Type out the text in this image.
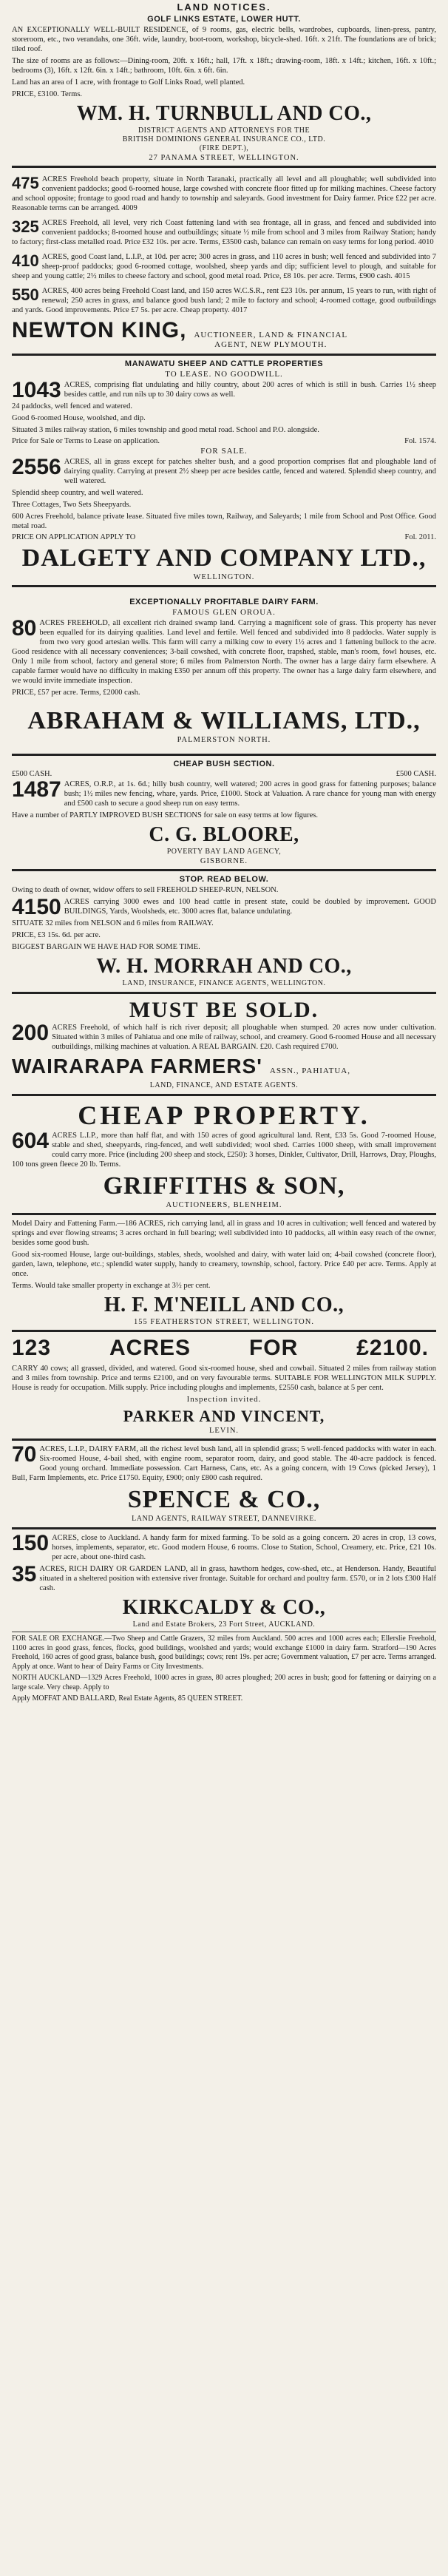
LAND NOTICES.
GOLF LINKS ESTATE, LOWER HUTT.

AN EXCEPTIONALLY WELL-BUILT RESIDENCE, of 9 rooms, gas, electric bells, wardrobes, cupboards, linen-press, pantry, storeroom, etc., two verandahs, one 36ft. wide, laundry, boot-room, workshop, bicycle-shed. 16ft. x 21ft. The foundations are of brick; tiled roof.

The size of rooms are as follows:—Dining-room, 20ft. x 16ft.; hall, 17ft. x 18ft.; drawing-room, 18ft. x 14ft.; kitchen, 16ft. x 10ft.; bedrooms (3), 16ft. x 12ft. 6in. x 14ft.; bathroom, 10ft. 6in. x 6ft. 6in.

Land has an area of 1 acre, with frontage to Golf Links Road, well planted.

PRICE, £3100. Terms.

WM. H. TURNBULL AND CO.,

DISTRICT AGENTS AND ATTORNEYS FOR THE

BRITISH DOMINIONS GENERAL INSURANCE CO., LTD.

(FIRE DEPT.),

27 PANAMA STREET, WELLINGTON.

475 ACRES Freehold beach property, situate in North Taranaki, practically all level and all ploughable; well subdivided into convenient paddocks; good 6-roomed house, large cowshed with concrete floor fitted up for milking machines. Cheese factory and school opposite; frontage to good road and handy to township and saleyards. Good investment for Dairy farmer. Price £22 per acre. Reasonable terms can be arranged. 4009

325 ACRES Freehold, all level, very rich Coast fattening land with sea frontage, all in grass, and fenced and subdivided into convenient paddocks; 8-roomed house and outbuildings; situate ½ mile from school and 3 miles from Railway Station; handy to factory; first-class metalled road. Price £32 10s. per acre. Terms, £3500 cash, balance can remain on easy terms for long period. 4010

410 ACRES, good Coast land, L.I.P., at 10d. per acre; 300 acres in grass, and 110 acres in bush; well fenced and subdivided into 7 sheep-proof paddocks; good 6-roomed cottage, woolshed, sheep yards and dip; sufficient level to plough, and suitable for sheep and young cattle; 2½ miles to cheese factory and school, good metal road. Price, £8 10s. per acre. Terms, £900 cash. 4015

550 ACRES, 400 acres being Freehold Coast land, and 150 acres W.C.S.R., rent £23 10s. per annum, 15 years to run, with right of renewal; 250 acres in grass, and balance good bush land; 2 mile to factory and school; 4-roomed cottage, good outbuildings and yards. Good improvements. Price £7 5s. per acre. Cheap property. 4017

NEWTON KING, AUCTIONEER, LAND & FINANCIAL
AGENT, NEW PLYMOUTH.
MANAWATU SHEEP AND CATTLE PROPERTIES
TO LEASE. NO GOODWILL.

1043 ACRES, comprising flat undulating and hilly country, about 200 acres of which is still in bush. Carries 1½ sheep besides cattle, and run nils up to 30 dairy cows as well.

24 paddocks, well fenced and watered.

Good 6-roomed House, woolshed, and dip.

Situated 3 miles railway station, 6 miles township and good metal road. School and P.O. alongside.

Price for Sale or Terms to Lease on application.	Fol. 1574.
FOR SALE.

2556 ACRES, all in grass except for patches shelter bush, and a good proportion comprises flat and ploughable land of dairying quality. Carrying at present 2½ sheep per acre besides cattle, fenced and watered. Splendid sheep country, and well watered.

Splendid sheep country, and well watered.

Three Cottages, Two Sets Sheepyards.

600 Acres Freehold, balance private lease. Situated five miles town, Railway, and Saleyards; 1 mile from School and Post Office. Good metal road.

PRICE ON APPLICATION APPLY TO	Fol. 2011.
DALGETY AND COMPANY LTD.,
WELLINGTON.
EXCEPTIONALLY PROFITABLE DAIRY FARM.
FAMOUS GLEN OROUA.

80 ACRES FREEHOLD, all excellent rich drained swamp land. Carrying a magnificent sole of grass. This property has never been equalled for its dairying qualities. Land level and fertile. Well fenced and subdivided into 8 paddocks. Water supply is from two very good artesian wells. This farm will carry a milking cow to every 1½ acres and 1 fattening bullock to the acre. Good residence with all necessary conveniences; 3-bail cowshed, with concrete floor, trapshed, stable, man's room, fowl houses, etc. Only 1 mile from school, factory and general store; 6 miles from Palmerston North. The owner has a large dairy farm elsewhere. A capable farmer would have no difficulty in making £350 per annum off this property. The owner has a large dairy farm elsewhere, and we would invite immediate inspection.

PRICE, £57 per acre. Terms, £2000 cash.

ABRAHAM & WILLIAMS, LTD.,
PALMERSTON NORTH.
CHEAP BUSH SECTION.
£500 CASH.	£500 CASH.

1487 ACRES, O.R.P., at 1s. 6d.; hilly bush country, well watered; 200 acres in good grass for fattening purposes; balance bush; 1½ miles new fencing, whare, yards. Price, £1000. Stock at Valuation. A rare chance for young man with energy and £500 cash to secure a good sheep run on easy terms.

Have a number of PARTLY IMPROVED BUSH SECTIONS for sale on easy terms at low figures.

C. G. BLOORE,

POVERTY BAY LAND AGENCY,

GISBORNE.
STOP. READ BELOW.

Owing to death of owner, widow offers to sell FREEHOLD SHEEP-RUN, NELSON.

4150 ACRES carrying 3000 ewes and 100 head cattle in present state, could be doubled by improvement. GOOD BUILDINGS, Yards, Woolsheds, etc. 3000 acres flat, balance undulating.

SITUATE 32 miles from NELSON and 6 miles from RAILWAY.

PRICE, £3 15s. 6d. per acre.

BIGGEST BARGAIN WE HAVE HAD FOR SOME TIME.

W. H. MORRAH AND CO.,

LAND, INSURANCE, FINANCE AGENTS, WELLINGTON.

MUST BE SOLD.

200 ACRES Freehold, of which half is rich river deposit; all ploughable when stumped. 20 acres now under cultivation. Situated within 3 miles of Pahiatua and one mile of railway, school, and creamery. Good 6-roomed House and all necessary outbuildings, milking machines at valuation. A REAL BARGAIN. £20. Cash required £700.

WAIRARAPA FARMERS' ASSN., PAHIATUA,

LAND, FINANCE, AND ESTATE AGENTS.

CHEAP PROPERTY.

604 ACRES L.I.P., more than half flat, and with 150 acres of good agricultural land. Rent, £33 5s. Good 7-roomed House, stable and shed, sheepyards, ring-fenced, and well subdivided; wool shed. Carries 1000 sheep, with small improvement could carry more. Price (including 200 sheep and stock, £250): 3 horses, Dinkler, Cultivator, Drill, Harrows, Dray, Ploughs, 100 tons green fleece 20 lb. Terms.

GRIFFITHS & SON,
AUCTIONEERS, BLENHEIM.

Model Dairy and Fattening Farm.—186 ACRES, rich carrying land, all in grass and 10 acres in cultivation; well fenced and watered by springs and ever flowing streams; 3 acres orchard in full bearing; well subdivided into 10 paddocks, all within easy reach of the owner, besides some good bush.

Good six-roomed House, large out-buildings, stables, sheds, woolshed and dairy, with water laid on; 4-bail cowshed (concrete floor), garden, lawn, telephone, etc.; splendid water supply, handy to creamery, township, school, factory. Price £40 per acre. Terms. Apply at once.

Terms. Would take smaller property in exchange at 3½ per cent.

H. F. M'NEILL AND CO.,
155 FEATHERSTON STREET, WELLINGTON.
123	ACRES	FOR	£2100.

CARRY 40 cows; all grassed, divided, and watered. Good six-roomed house, shed and cowbail. Situated 2 miles from railway station and 3 miles from township. Price and terms £2100, and on very favourable terms. SUITABLE FOR WELLINGTON MILK SUPPLY. House is ready for occupation. Milk supply. Price including ploughs and implements, £2550 cash, balance at 5 per cent.

Inspection invited.
PARKER AND VINCENT,
LEVIN.

70 ACRES, L.I.P., DAIRY FARM, all the richest level bush land, all in splendid grass; 5 well-fenced paddocks with water in each. Six-roomed House, 4-bail shed, with engine room, separator room, dairy, and good stable. The 40-acre paddock is fenced. Good young orchard. Immediate possession. Cart Harness, Cans, etc. As a going concern, with 19 Cows (picked Jersey), 1 Bull, Farm Implements, etc. Price £1750. Equity, £900; only £800 cash required.

SPENCE & CO.,

LAND AGENTS, RAILWAY STREET, DANNEVIRKE.

150 ACRES, close to Auckland. A handy farm for mixed farming. To be sold as a going concern. 20 acres in crop, 13 cows, horses, implements, separator, etc. Good modern House, 6 rooms. Close to Station, School, Creamery, etc. Price, £21 10s. per acre, about one-third cash.

35 ACRES, RICH DAIRY OR GARDEN LAND, all in grass, hawthorn hedges, cow-shed, etc., at Henderson. Handy, Beautiful situated in a sheltered position with extensive river frontage. Suitable for orchard and poultry farm. £570, or in 2 lots £300 Half cash.

KIRKCALDY & CO.,

Land and Estate Brokers, 23 Fort Street, AUCKLAND.

FOR SALE OR EXCHANGE.—Two Sheep and Cattle Grazers, 32 miles from Auckland. 500 acres and 1000 acres each; Ellerslie Freehold, 1100 acres in good grass, fences, flocks, good buildings, woolshed and yards; would exchange £1000 in dairy farm. Stratford—190 Acres Freehold, 160 acres of good grass, balance bush, good buildings; cows; rent 19s. per acre; Government valuation, £7 per acre. Terms arranged. Apply at once. Want to hear of Dairy Farms or City Investments.

NORTH AUCKLAND—1329 Acres Freehold, 1000 acres in grass, 80 acres ploughed; 200 acres in bush; good for fattening or dairying on a large scale. Very cheap. Apply to

Apply MOFFAT AND BALLARD, Real Estate Agents, 85 QUEEN STREET.
